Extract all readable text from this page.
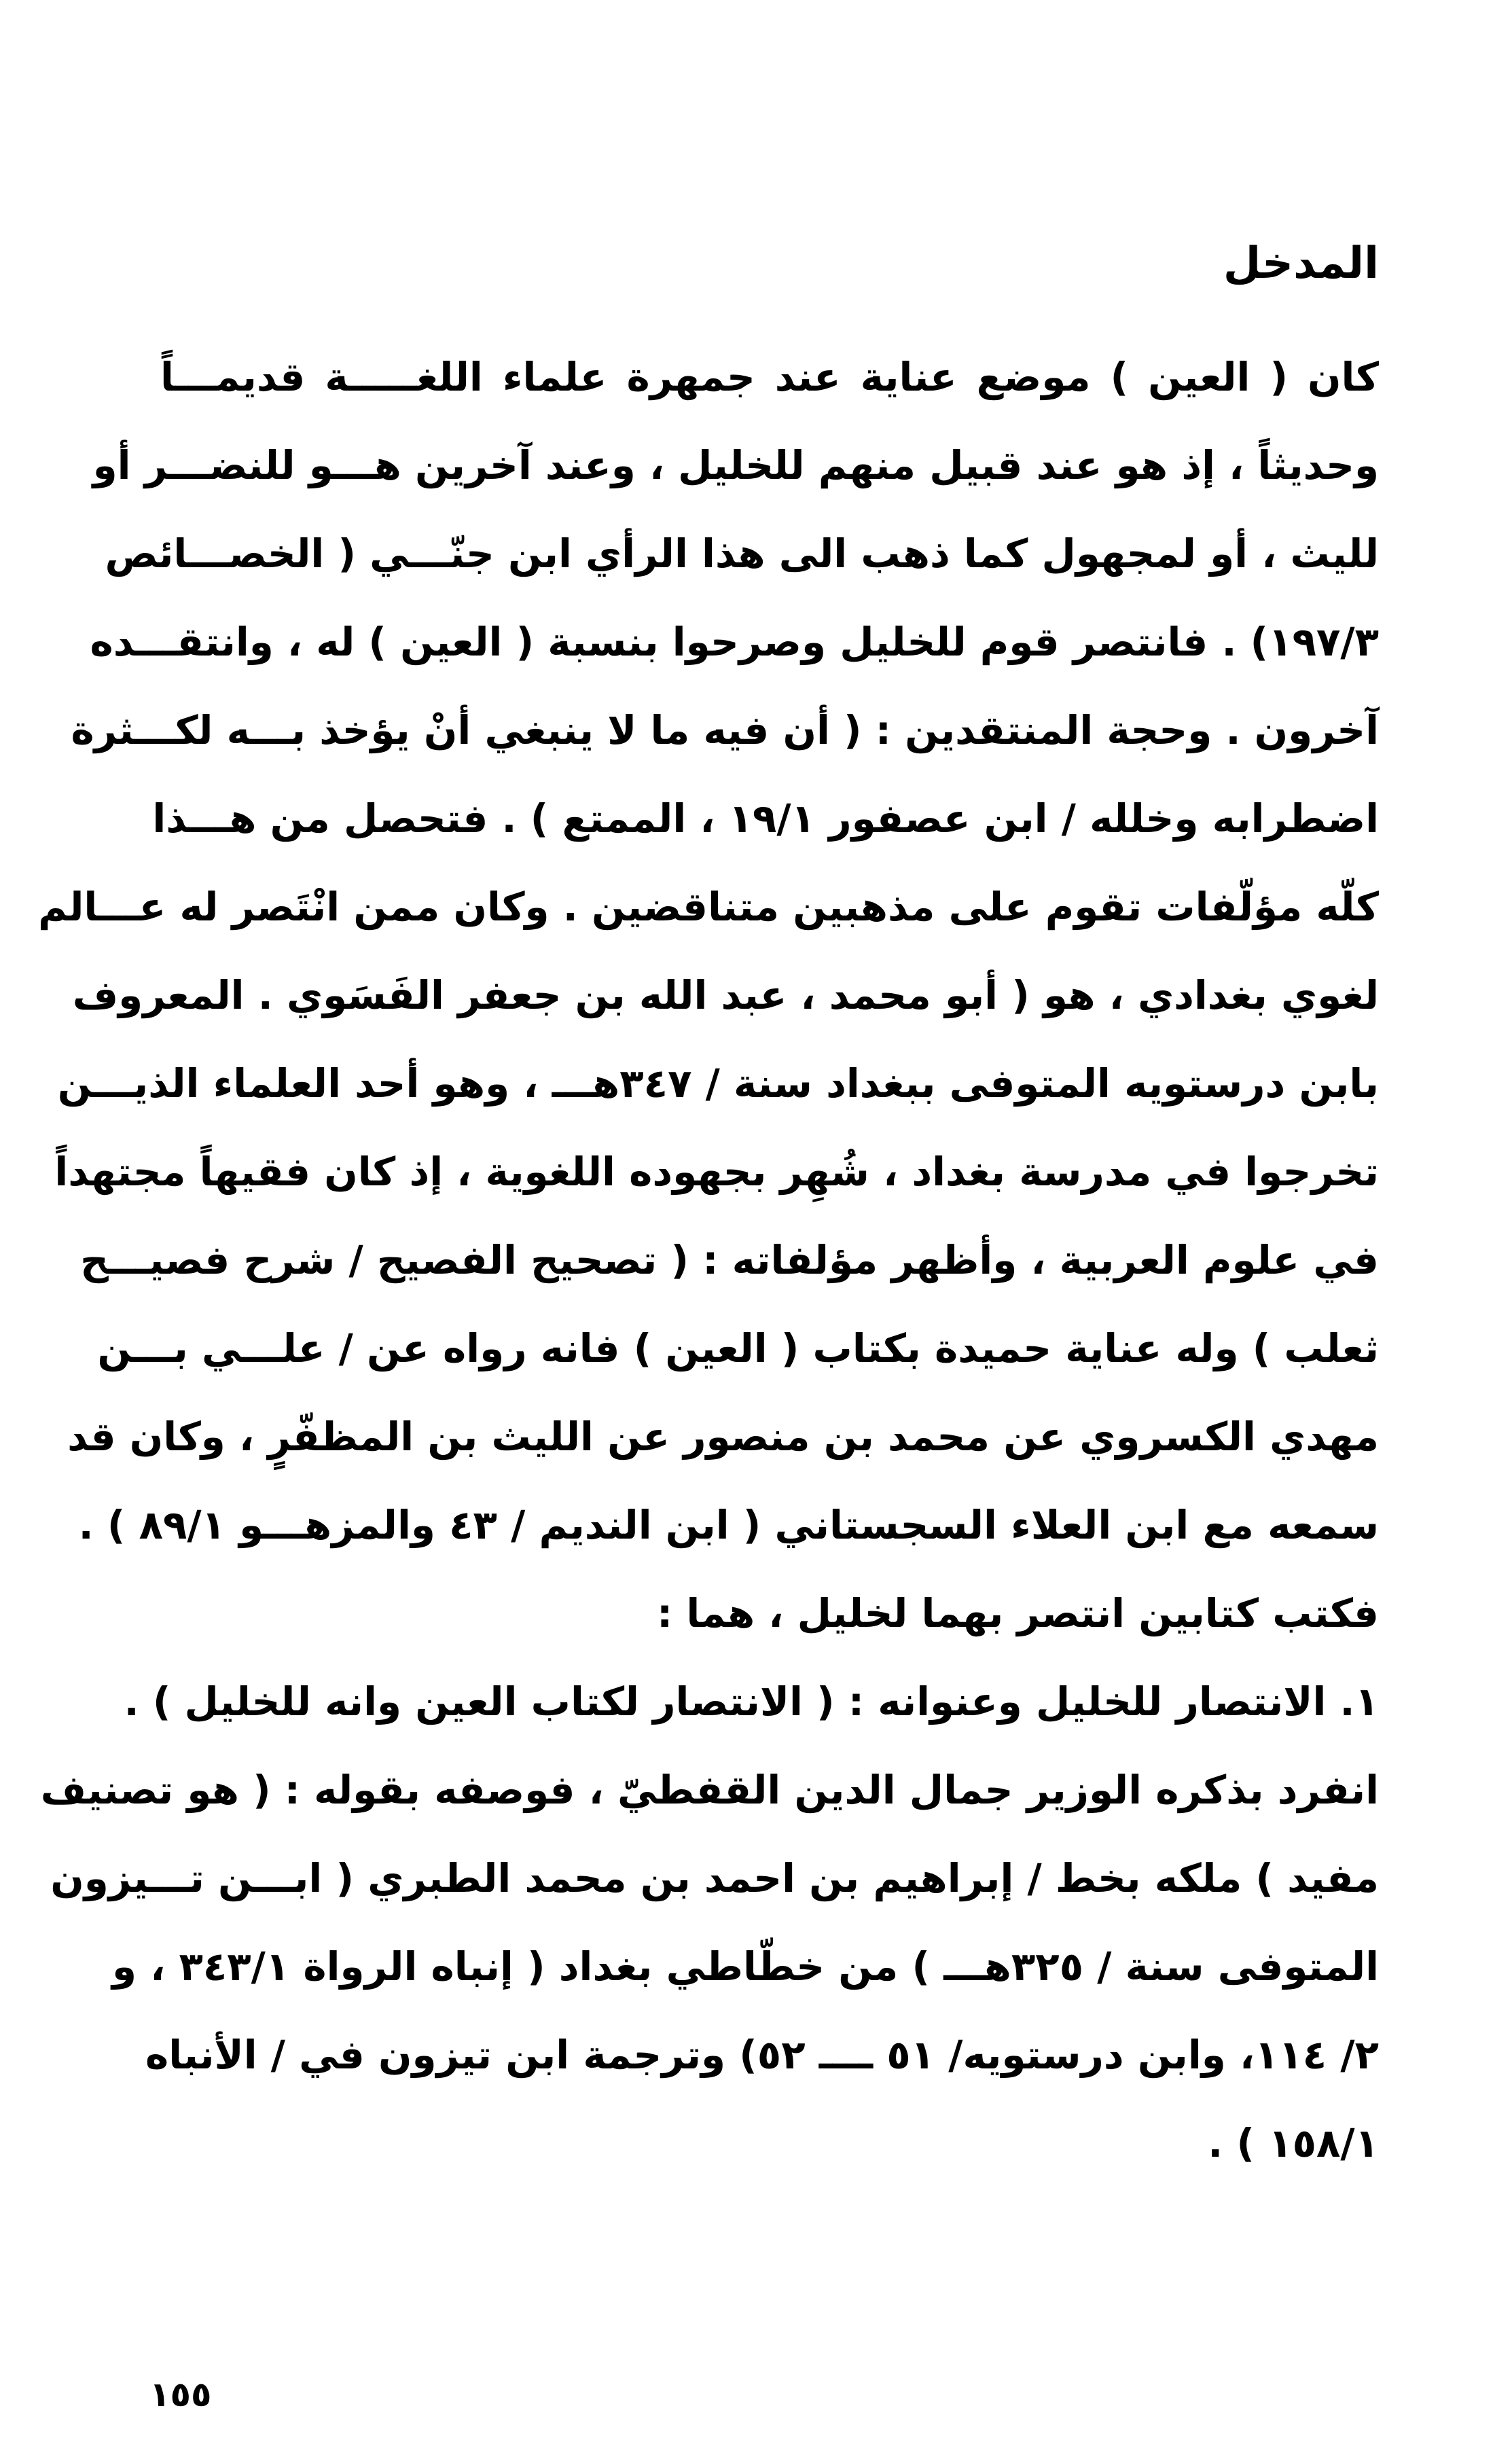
المدخل
كان ( العين ) موضع عناية عند جمهرة علماء اللغـــــة قديمـــاً
وحديثاً ، إذ هو عند قبيل منهم للخليل ، وعند آخرين هـــو للنضـــر أو
لليث ، أو لمجهول كما ذهب الى هذا الرأي ابن جنّـــي ( الخصـــائص
١٩٧/٣) . فانتصر قوم للخليل وصرحوا بنسبة ( العين ) له ، وانتقـــده
آخرون . وحجة المنتقدين : ( أن فيه ما لا ينبغي أنْ يؤخذ بـــه لكـــثرة
اضطرابه وخلله / ابن عصفور ١٩/١ ، الممتع ) . فتحصل من هـــذا
كلّه مؤلّفات تقوم على مذهبين متناقضين . وكان ممن انْتَصر له عـــالم
لغوي بغدادي ، هو ( أبو محمد ، عبد الله بن جعفر الفَسَوي . المعروف
بابن درستويه المتوفى ببغداد سنة / ٣٤٧هـــ ، وهو أحد العلماء الذيـــن
تخرجوا في مدرسة بغداد ، شُهِر بجهوده اللغوية ، إذ كان فقيهاً مجتهداً
في علوم العربية ، وأظهر مؤلفاته : ( تصحيح الفصيح / شرح فصيـــح
ثعلب ) وله عناية حميدة بكتاب ( العين ) فانه رواه عن / علـــي بـــن
مهدي الكسروي عن محمد بن منصور عن الليث بن المظفّرٍ ، وكان قد
سمعه مع ابن العلاء السجستاني ( ابن النديم / ٤٣ والمزهـــو ٨٩/١ ) .
فكتب كتابين انتصر بهما لخليل ، هما :
١. الانتصار للخليل وعنوانه : ( الانتصار لكتاب العين وانه للخليل ) .
انفرد بذكره الوزير جمال الدين القفطيّ ، فوصفه بقوله : ( هو تصنيف
مفيد ) ملكه بخط / إبراهيم بن احمد بن محمد الطبري ( ابـــن تـــيزون
المتوفى سنة / ٣٢٥هـــ ) من خطّاطي بغداد ( إنباه الرواة ٣٤٣/١ ، و
٢/ ١١٤، وابن درستويه/ ٥١ ــــ ٥٢) وترجمة ابن تيزون في / الأنباه
١٥٨/١ ) .
١٥٥
